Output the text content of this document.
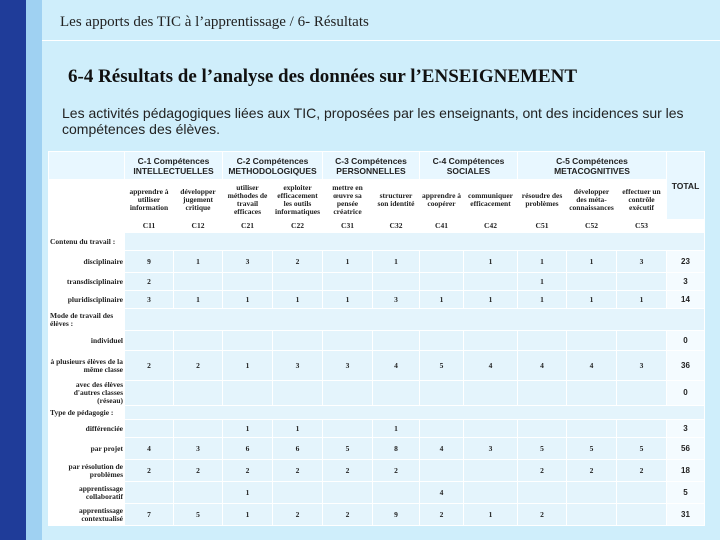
Les apports des TIC à l’apprentissage / 6- Résultats
6-4 Résultats de l’analyse des données sur l’ENSEIGNEMENT
Les activités pédagogiques liées aux TIC, proposées par les enseignants, ont des incidences sur les compétences des élèves.
	C-1 Compétences INTELLECTUELLES		C-2 Compétences METHODOLOGIQUES		C-3 Compétences PERSONNELLES		C-4 Compétences SOCIALES		C-5 Compétences METACOGNITIVES			TOTAL
	apprendre à utiliser information	développer jugement critique	utiliser méthodes de travail efficaces	exploiter efficacement les outils informatiques	mettre en œuvre sa pensée créatrice	structurer son identité	apprendre à coopérer	communiquer efficacement	résoudre des problèmes	développer des méta-connaissances	effectuer un contrôle exécutif	
	C11	C12	C21	C22	C31	C32	C41	C42	C51	C52	C53	
Contenu du travail :												
disciplinaire	9	1	3	2	1	1		1	1	1	3	23
transdisciplinaire	2								1			3
pluridisciplinaire	3	1	1	1	1	3	1	1	1	1	1	14
Mode de travail des élèves :												
individuel												0
à plusieurs élèves de la même classe	2	2	1	3	3	4	5	4	4	4	3	36
avec des élèves d'autres classes (réseau)												0
Type de pédagogie :												
différenciée			1	1		1						3
par projet	4	3	6	6	5	8	4	3	5	5	5	56
par résolution de problèmes	2	2	2	2	2	2			2	2	2	18
apprentissage collaboratif			1				4					5
apprentissage contextualisé	7	5	1	2	2	9	2	1	2			31
